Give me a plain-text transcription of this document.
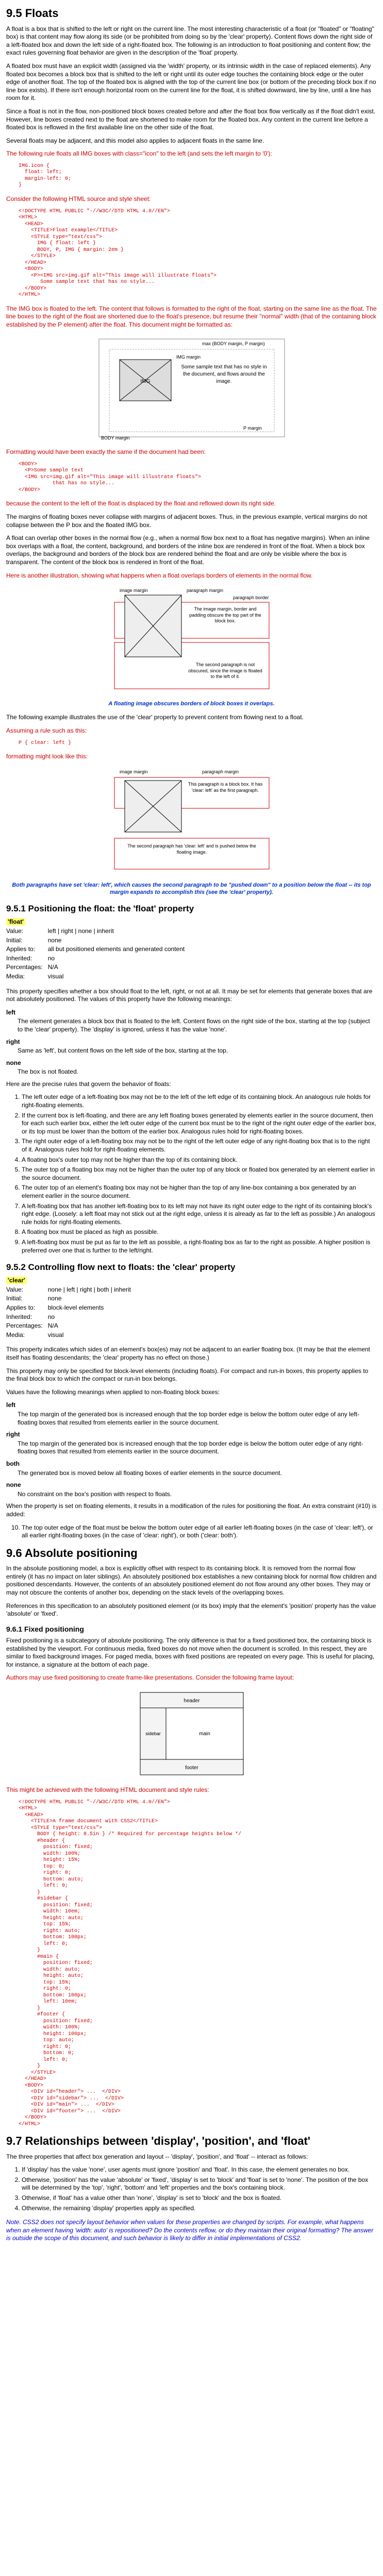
9.5 Floats

A float is a box that is shifted to the left or right on the current line. The most interesting characteristic of a float (or "floated" or "floating" box) is that content may flow along its side (or be prohibited from doing so by the 'clear' property). Content flows down the right side of a left-floated box and down the left side of a right-floated box. The following is an introduction to float positioning and content flow; the exact rules governing float behavior are given in the description of the 'float' property.

A floated box must have an explicit width (assigned via the 'width' property, or its intrinsic width in the case of replaced elements). Any floated box becomes a block box that is shifted to the left or right until its outer edge touches the containing block edge or the outer edge of another float. The top of the floated box is aligned with the top of the current line box (or bottom of the preceding block box if no line box exists). If there isn't enough horizontal room on the current line for the float, it is shifted downward, line by line, until a line has room for it.

Since a float is not in the flow, non-positioned block boxes created before and after the float box flow vertically as if the float didn't exist. However, line boxes created next to the float are shortened to make room for the floated box. Any content in the current line before a floated box is reflowed in the first available line on the other side of the float.

Several floats may be adjacent, and this model also applies to adjacent floats in the same line.

The following rule floats all IMG boxes with class="icon" to the left (and sets the left margin to '0'):

IMG.icon {
float: left;
margin-left: 0;
}

Consider the following HTML source and style sheet:

<!DOCTYPE HTML PUBLIC "-//W3C//DTD HTML 4.0//EN">
<HTML>
<HEAD>
<TITLE>Float example</TITLE>
<STYLE type="text/css">
IMG { float: left }
BODY, P, IMG { margin: 2em }
</STYLE>
</HEAD>
<BODY>
<P><IMG src=img.gif alt="This image will illustrate floats">
Some sample text that has no style...
</BODY>
</HTML>

The IMG box is floated to the left. The content that follows is formatted to the right of the float, starting on the same line as the float. The line boxes to the right of the float are shortened due to the float's presence, but resume their "normal" width (that of the containing block established by the P element) after the float. This document might be formatted as:

IMG
max (BODY margin, P margin)
IMG margin
P margin
BODY margin
Some sample text that has no style in the document, and flows around the image.

Formatting would have been exactly the same if the document had been:

<BODY>
<P>Some sample text
<IMG src=img.gif alt="This image will illustrate floats">
that has no style...
</BODY>

because the content to the left of the float is displaced by the float and reflowed down its right side.

The margins of floating boxes never collapse with margins of adjacent boxes. Thus, in the previous example, vertical margins do not collapse between the P box and the floated IMG box.

A float can overlap other boxes in the normal flow (e.g., when a normal flow box next to a float has negative margins). When an inline box overlaps with a float, the content, background, and borders of the inline box are rendered in front of the float. When a block box overlaps, the background and borders of the block box are rendered behind the float and are only be visible where the box is transparent. The content of the block box is rendered in front of the float.

Here is another illustration, showing what happens when a float overlaps borders of elements in the normal flow.

image margin	paragraph margin
paragraph border
The image margin, border and padding obscure the top part of the block box.
The second paragraph is not obscured, since the image is floated to the left of it.
A floating image obscures borders of block boxes it overlaps.

The following example illustrates the use of the 'clear' property to prevent content from flowing next to a float.

Assuming a rule such as this:

P { clear: left }

formatting might look like this:

image margin	paragraph margin
This paragraph is a block box. It has 'clear: left' as the first paragraph.
The second paragraph has 'clear: left' and is pushed below the floating image.
Both paragraphs have set 'clear: left', which causes the second paragraph to be "pushed down" to a position below the float -- its top margin expands to accomplish this (see the 'clear' property).
9.5.1 Positioning the float: the 'float' property
'float'	
Value:	left | right | none | inherit
Initial:	none
Applies to:	all but positioned elements and generated content
Inherited:	no
Percentages:	N/A
Media:	visual

This property specifies whether a box should float to the left, right, or not at all. It may be set for elements that generate boxes that are not absolutely positioned. The values of this property have the following meanings:

left
The element generates a block box that is floated to the left. Content flows on the right side of the box, starting at the top (subject to the 'clear' property). The 'display' is ignored, unless it has the value 'none'.
right
Same as 'left', but content flows on the left side of the box, starting at the top.
none
The box is not floated.

Here are the precise rules that govern the behavior of floats:

1. The left outer edge of a left-floating box may not be to the left of the left edge of its containing block. An analogous rule holds for right-floating elements.
2. If the current box is left-floating, and there are any left floating boxes generated by elements earlier in the source document, then for each such earlier box, either the left outer edge of the current box must be to the right of the right outer edge of the earlier box, or its top must be lower than the bottom of the earlier box. Analogous rules hold for right-floating boxes.
3. The right outer edge of a left-floating box may not be to the right of the left outer edge of any right-floating box that is to the right of it. Analogous rules hold for right-floating elements.
4. A floating box's outer top may not be higher than the top of its containing block.
5. The outer top of a floating box may not be higher than the outer top of any block or floated box generated by an element earlier in the source document.
6. The outer top of an element's floating box may not be higher than the top of any line-box containing a box generated by an element earlier in the source document.
7. A left-floating box that has another left-floating box to its left may not have its right outer edge to the right of its containing block's right edge. (Loosely: a left float may not stick out at the right edge, unless it is already as far to the left as possible.) An analogous rule holds for right-floating elements.
8. A floating box must be placed as high as possible.
9. A left-floating box must be put as far to the left as possible, a right-floating box as far to the right as possible. A higher position is preferred over one that is further to the left/right.
9.5.2 Controlling flow next to floats: the 'clear' property
'clear'	
Value:	none | left | right | both | inherit
Initial:	none
Applies to:	block-level elements
Inherited:	no
Percentages:	N/A
Media:	visual

This property indicates which sides of an element's box(es) may not be adjacent to an earlier floating box. (It may be that the element itself has floating descendants; the 'clear' property has no effect on those.)

This property may only be specified for block-level elements (including floats). For compact and run-in boxes, this property applies to the final block box to which the compact or run-in box belongs.

Values have the following meanings when applied to non-floating block boxes:

left
The top margin of the generated box is increased enough that the top border edge is below the bottom outer edge of any left-floating boxes that resulted from elements earlier in the source document.
right
The top margin of the generated box is increased enough that the top border edge is below the bottom outer edge of any right-floating boxes that resulted from elements earlier in the source document.
both
The generated box is moved below all floating boxes of earlier elements in the source document.
none
No constraint on the box's position with respect to floats.

When the property is set on floating elements, it results in a modification of the rules for positioning the float. An extra constraint (#10) is added:

10. The top outer edge of the float must be below the bottom outer edge of all earlier left-floating boxes (in the case of 'clear: left'), or all earlier right-floating boxes (in the case of 'clear: right'), or both ('clear: both').
9.6 Absolute positioning

In the absolute positioning model, a box is explicitly offset with respect to its containing block. It is removed from the normal flow entirely (it has no impact on later siblings). An absolutely positioned box establishes a new containing block for normal flow children and positioned descendants. However, the contents of an absolutely positioned element do not flow around any other boxes. They may or may not obscure the contents of another box, depending on the stack levels of the overlapping boxes.

References in this specification to an absolutely positioned element (or its box) imply that the element's 'position' property has the value 'absolute' or 'fixed'.

9.6.1 Fixed positioning

Fixed positioning is a subcategory of absolute positioning. The only difference is that for a fixed positioned box, the containing block is established by the viewport. For continuous media, fixed boxes do not move when the document is scrolled. In this respect, they are similar to fixed background images. For paged media, boxes with fixed positions are repeated on every page. This is useful for placing, for instance, a signature at the bottom of each page.

Authors may use fixed positioning to create frame-like presentations. Consider the following frame layout:

header
sidebar	main
footer

This might be achieved with the following HTML document and style rules:

<!DOCTYPE HTML PUBLIC "-//W3C//DTD HTML 4.0//EN">
<HTML>
<HEAD>
<TITLE>A frame document with CSS2</TITLE>
<STYLE type="text/css">
BODY { height: 8.5in } /* Required for percentage heights below */
#header {
position: fixed;
width: 100%;
height: 15%;
top: 0;
right: 0;
bottom: auto;
left: 0;
}
#sidebar {
position: fixed;
width: 10em;
height: auto;
top: 15%;
right: auto;
bottom: 100px;
left: 0;
}
#main {
position: fixed;
width: auto;
height: auto;
top: 15%;
right: 0;
bottom: 100px;
left: 10em;
}
#footer {
position: fixed;
width: 100%;
height: 100px;
top: auto;
right: 0;
bottom: 0;
left: 0;
}
</STYLE>
</HEAD>
<BODY>
<DIV id="header"> ...  </DIV>
<DIV id="sidebar"> ...  </DIV>
<DIV id="main"> ...  </DIV>
<DIV id="footer"> ...  </DIV>
</BODY>
</HTML>
9.7 Relationships between 'display', 'position', and 'float'

The three properties that affect box generation and layout -- 'display', 'position', and 'float' -- interact as follows:

1. If 'display' has the value 'none', user agents must ignore 'position' and 'float'. In this case, the element generates no box.
2. Otherwise, 'position' has the value 'absolute' or 'fixed', 'display' is set to 'block' and 'float' is set to 'none'. The position of the box will be determined by the 'top', 'right', 'bottom' and 'left' properties and the box's containing block.
3. Otherwise, if 'float' has a value other than 'none', 'display' is set to 'block' and the box is floated.
4. Otherwise, the remaining 'display' properties apply as specified.

Note. CSS2 does not specify layout behavior when values for these properties are changed by scripts. For example, what happens when an element having 'width: auto' is repositioned? Do the contents reflow, or do they maintain their original formatting? The answer is outside the scope of this document, and such behavior is likely to differ in initial implementations of CSS2.
